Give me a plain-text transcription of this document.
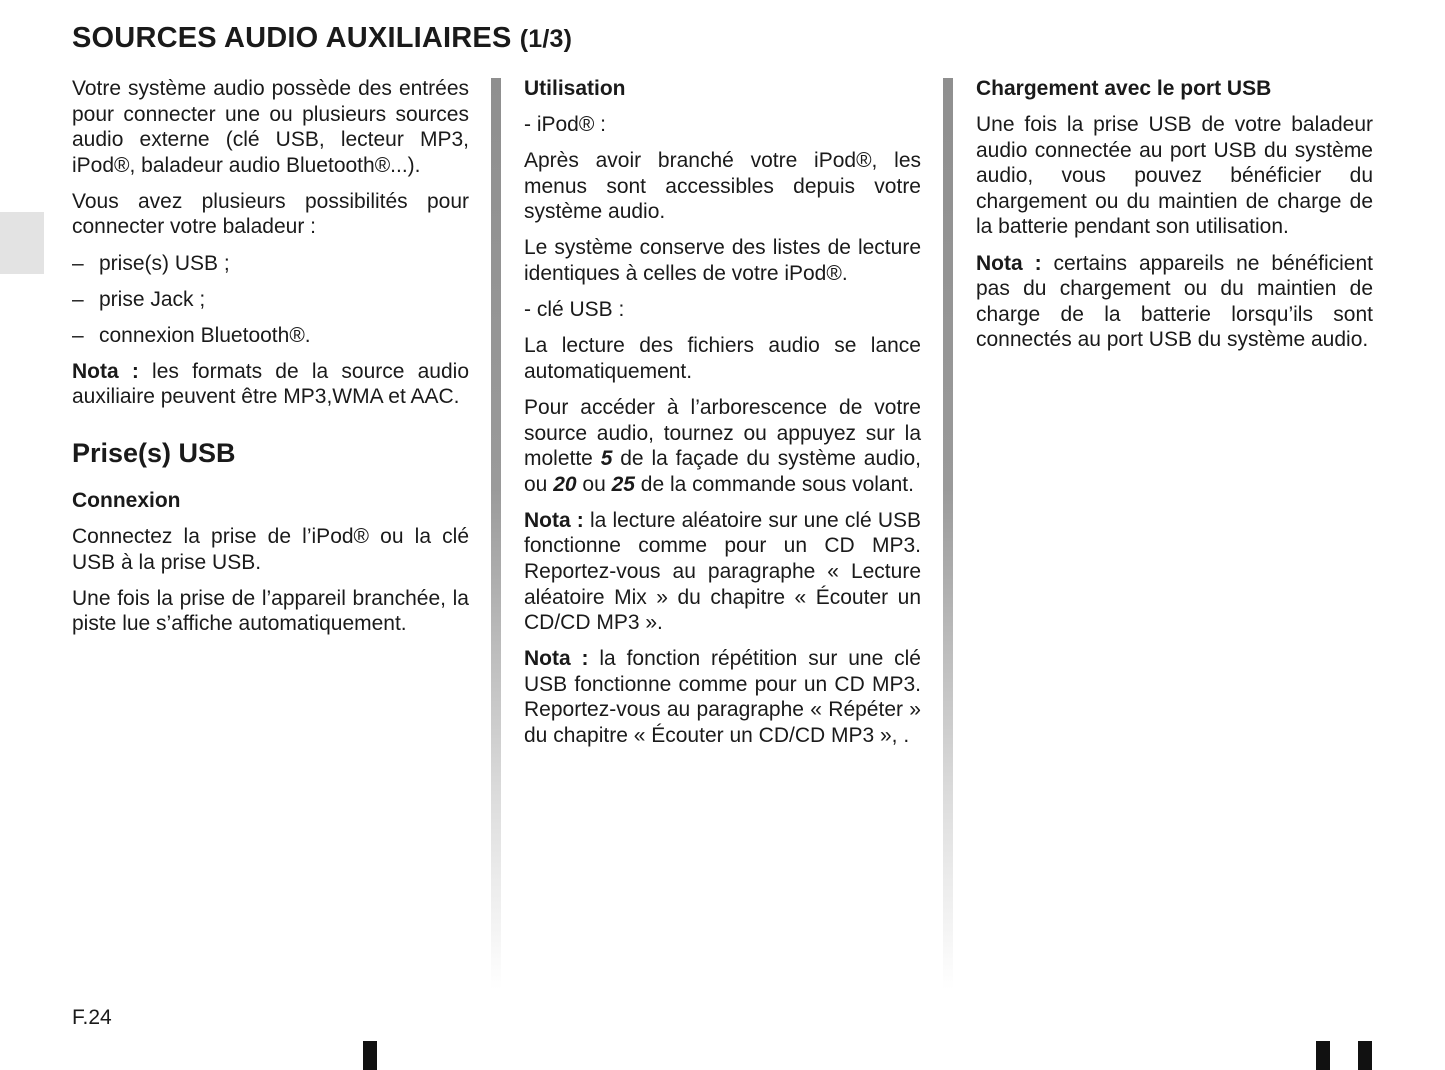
SOURCES AUDIO AUXILIAIRES (1/3)

Votre système audio possède des entrées pour connecter une ou plusieurs sources audio externe (clé USB, lecteur MP3, iPod®, baladeur audio Bluetooth®...).

Vous avez plusieurs possibilités pour connecter votre baladeur :

– prise(s) USB ;

– prise Jack ;

– connexion Bluetooth®.

Nota : les formats de la source audio auxiliaire peuvent être MP3,WMA et AAC.

Prise(s) USB

Connexion

Connectez la prise de l’iPod® ou la clé USB à la prise USB.

Une fois la prise de l’appareil branchée, la piste lue s’affiche automatiquement.

Utilisation

- iPod® :

Après avoir branché votre iPod®, les menus sont accessibles depuis votre système audio.

Le système conserve des listes de lecture identiques à celles de votre iPod®.

- clé USB :

La lecture des fichiers audio se lance automatiquement.

Pour accéder à l’arborescence de votre source audio, tournez ou appuyez sur la molette 5 de la façade du système audio, ou 20 ou 25 de la commande sous volant.

Nota : la lecture aléatoire sur une clé USB fonctionne comme pour un CD MP3. Reportez-vous au paragraphe « Lecture aléatoire Mix » du chapitre « Écouter un CD/CD MP3 ».

Nota : la fonction répétition sur une clé USB fonctionne comme pour un CD MP3. Reportez-vous au paragraphe « Répéter » du chapitre « Écouter un CD/CD MP3 », .

Chargement avec le port USB

Une fois la prise USB de votre baladeur audio connectée au port USB du système audio, vous pouvez bénéficier du chargement ou du maintien de charge de la batterie pendant son utilisation.

Nota : certains appareils ne bénéficient pas du chargement ou du maintien de charge de la batterie lorsqu’ils sont connectés au port USB du système audio.

F.24
